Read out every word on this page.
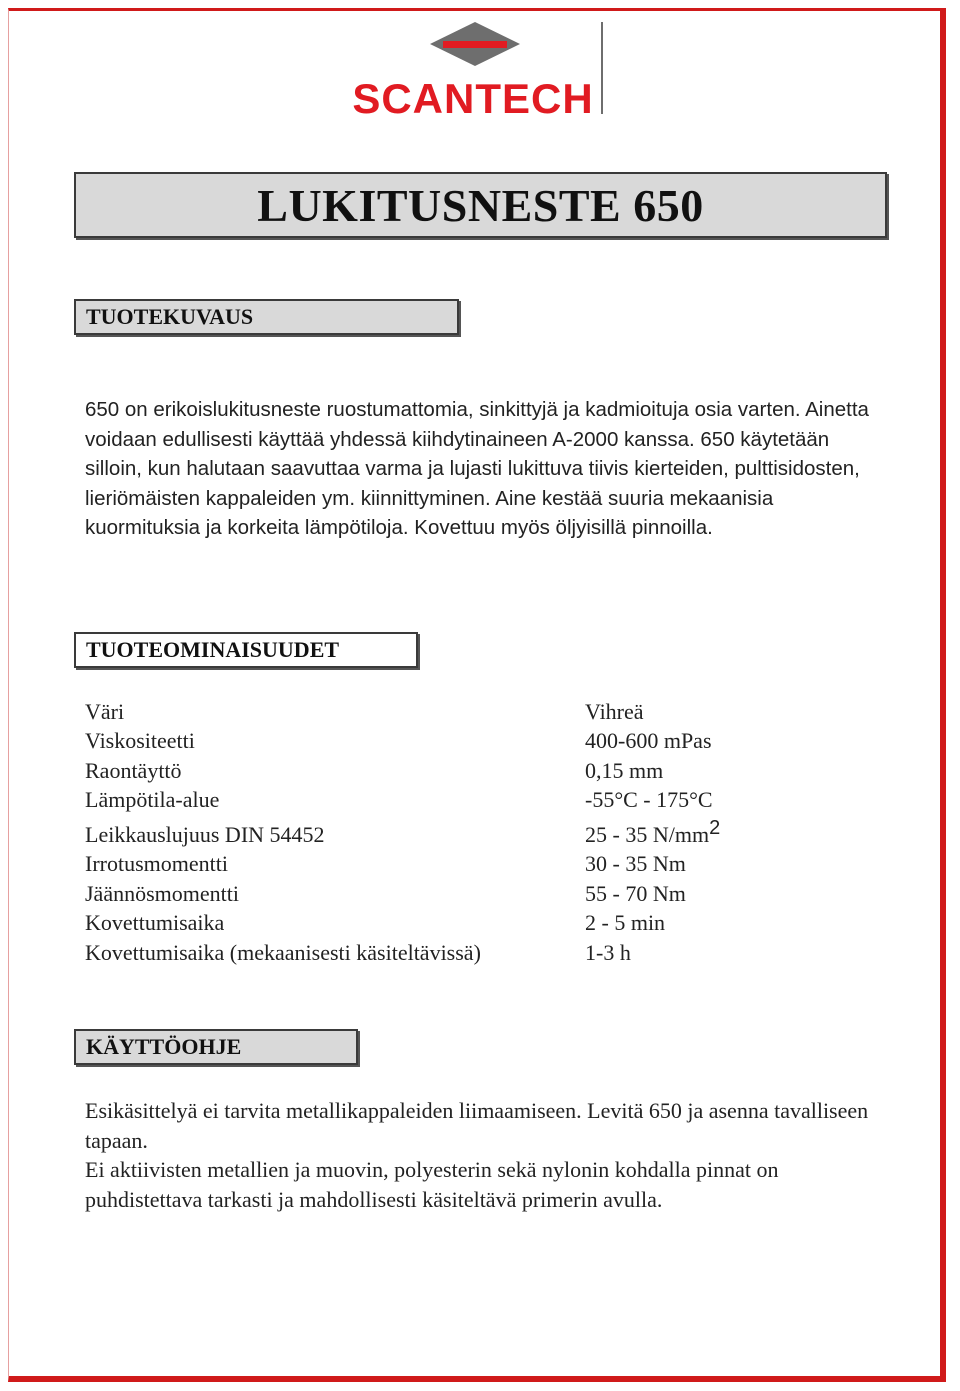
SCANTECH
LUKITUSNESTE 650
TUOTEKUVAUS

650 on erikoislukitusneste ruostumattomia, sinkittyjä ja kadmioituja osia varten. Ainetta voidaan edullisesti käyttää yhdessä kiihdytinaineen A-2000 kanssa. 650 käytetään silloin, kun halutaan saavuttaa varma ja lujasti lukittuva tiivis kierteiden, pulttisidosten, lieriömäisten kappaleiden ym. kiinnittyminen. Aine kestää suuria mekaanisia kuormituksia ja korkeita lämpötiloja. Kovettuu myös öljyisillä pinnoilla.

TUOTEOMINAISUUDET
Väri	Vihreä
Viskositeetti	400-600 mPas
Raontäyttö	0,15 mm
Lämpötila-alue	-55°C - 175°C
Leikkauslujuus DIN 54452	25 - 35 N/mm2
Irrotusmomentti	30 - 35 Nm
Jäännösmomentti	55 - 70 Nm
Kovettumisaika	2 - 5 min
Kovettumisaika (mekaanisesti käsiteltävissä)	1-3 h
KÄYTTÖOHJE

Esikäsittelyä ei tarvita metallikappaleiden liimaamiseen. Levitä 650 ja asenna tavalliseen tapaan.

Ei aktiivisten metallien ja muovin, polyesterin sekä nylonin kohdalla pinnat on puhdistettava tarkasti ja mahdollisesti käsiteltävä primerin avulla.
